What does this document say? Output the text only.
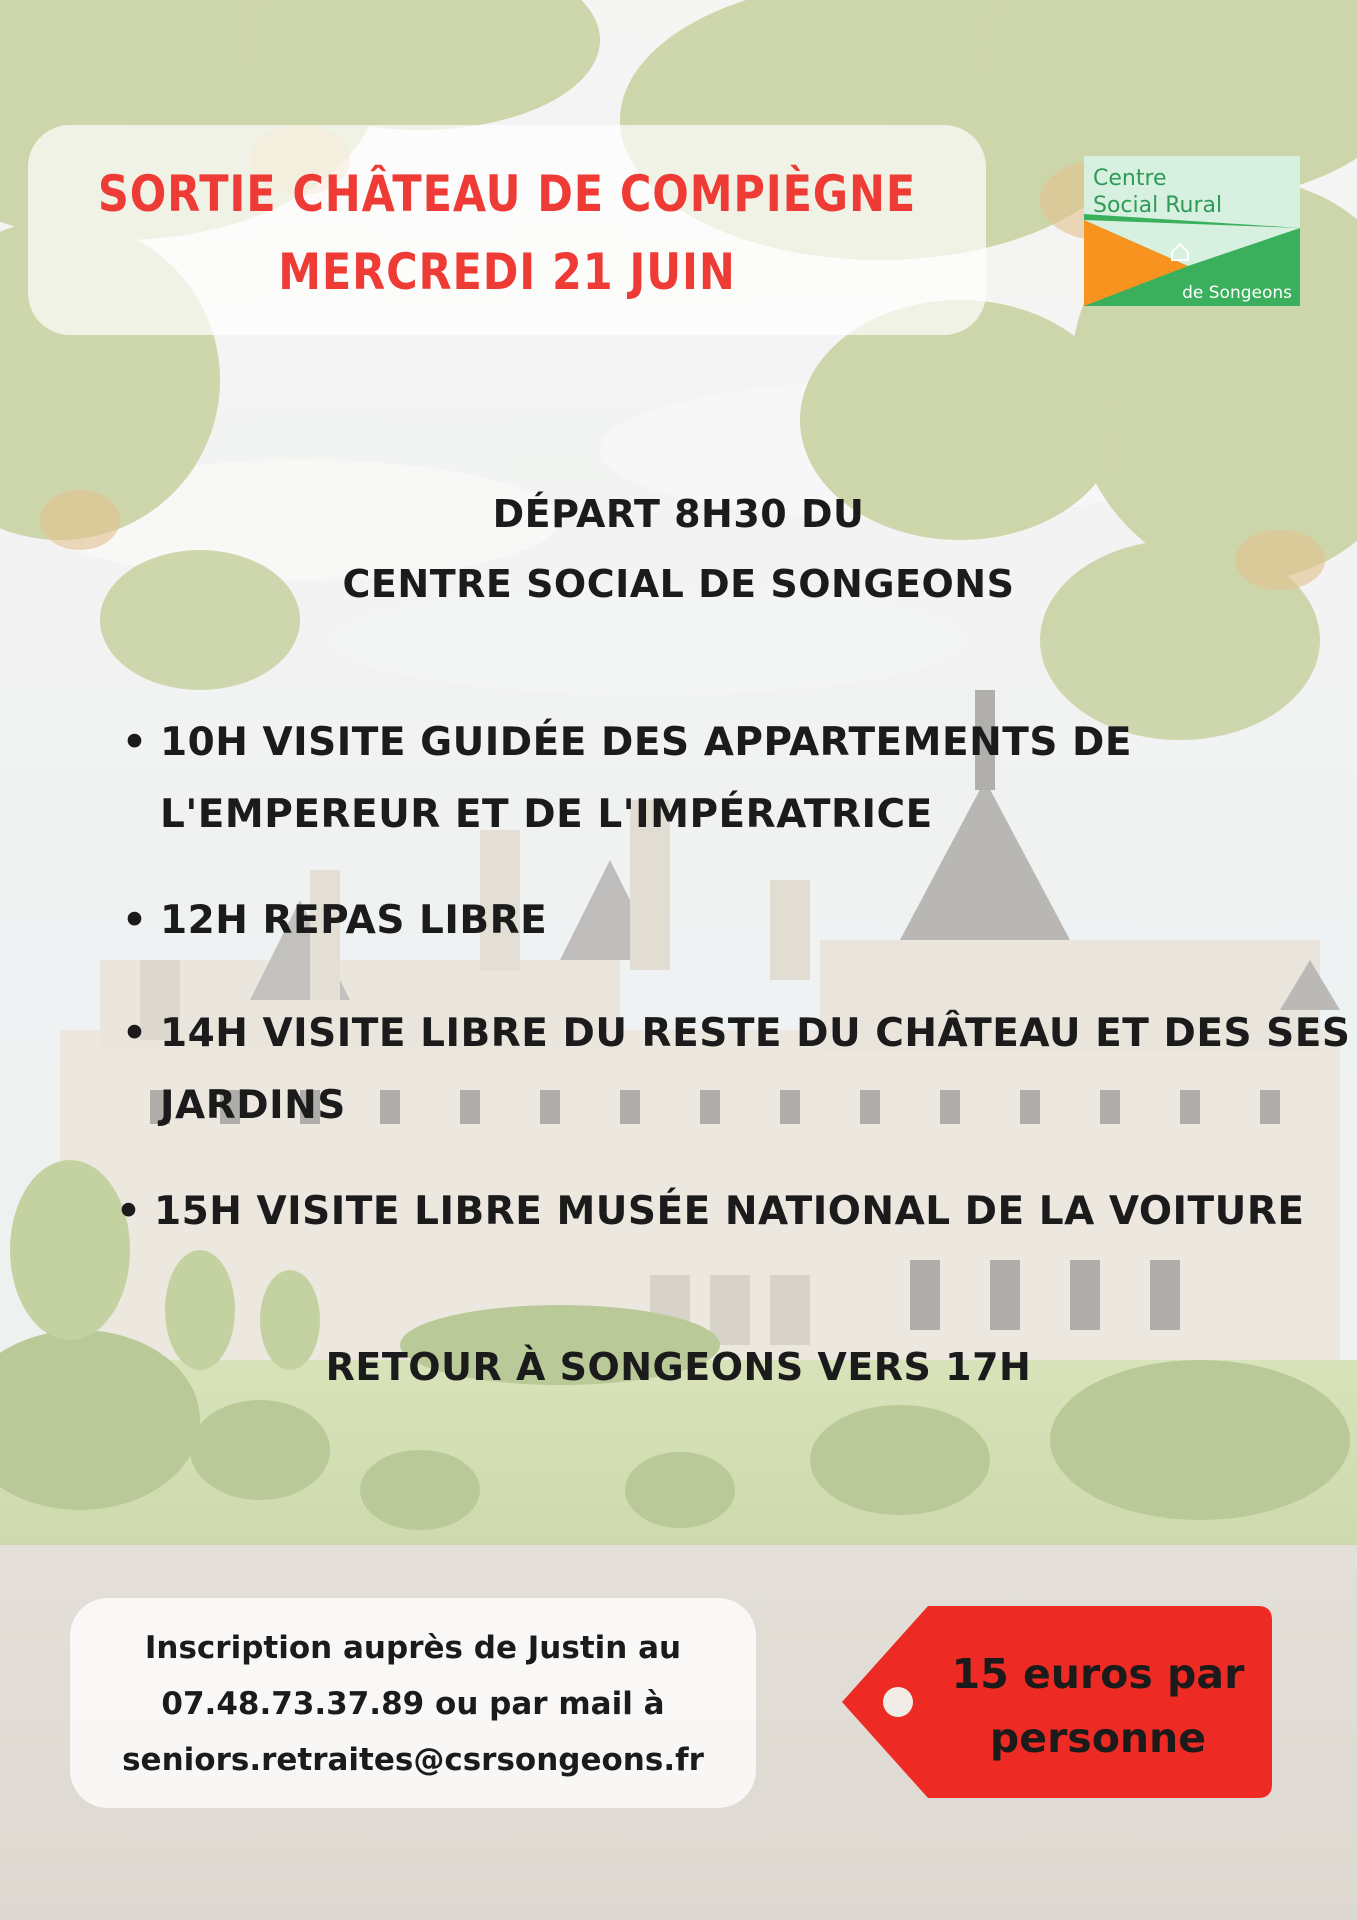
SORTIE CHÂTEAU DE COMPIÈGNE
MERCREDI 21 JUIN
Centre
Social Rural
de Songeons
DÉPART 8H30 DU
CENTRE SOCIAL DE SONGEONS
• 10H VISITE GUIDÉE DES APPARTEMENTS DE
L'EMPEREUR ET DE L'IMPÉRATRICE
• 12H REPAS LIBRE
• 14H VISITE LIBRE DU RESTE DU CHÂTEAU ET DES SES
JARDINS
• 15H VISITE LIBRE MUSÉE NATIONAL DE LA VOITURE
RETOUR À SONGEONS VERS 17H
Inscription auprès de Justin au
07.48.73.37.89 ou par mail à
seniors.retraites@csrsongeons.fr
15 euros par
personne
